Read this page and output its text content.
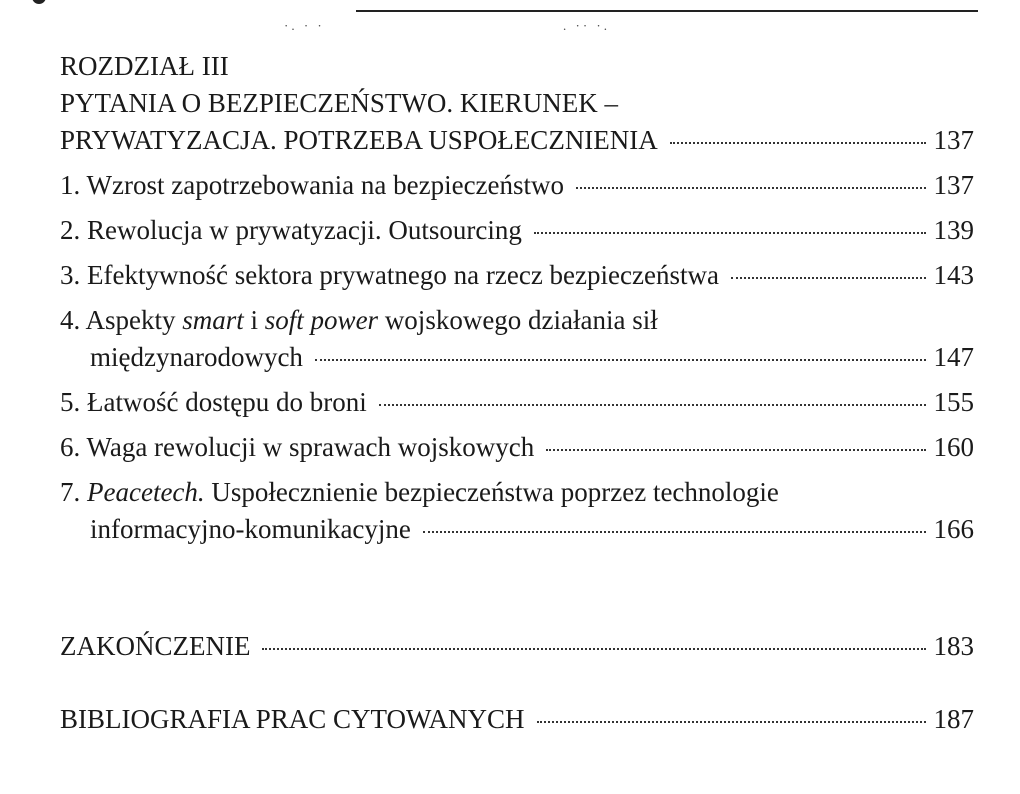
·. · ·	. ·· ·.
ROZDZIAŁ III
PYTANIA O BEZPIECZEŃSTWO. KIERUNEK –
PRYWATYZACJA. POTRZEBA USPOŁECZNIENIA	137
1. Wzrost zapotrzebowania na bezpieczeństwo	137
2. Rewolucja w prywatyzacji. Outsourcing	139
3. Efektywność sektora prywatnego na rzecz bezpieczeństwa	143
4. Aspekty smart i soft power wojskowego działania sił
międzynarodowych	147
5. Łatwość dostępu do broni	155
6. Waga rewolucji w sprawach wojskowych	160
7. Peacetech. Uspołecznienie bezpieczeństwa poprzez technologie
informacyjno-komunikacyjne	166
ZAKOŃCZENIE	183
BIBLIOGRAFIA PRAC CYTOWANYCH	187
